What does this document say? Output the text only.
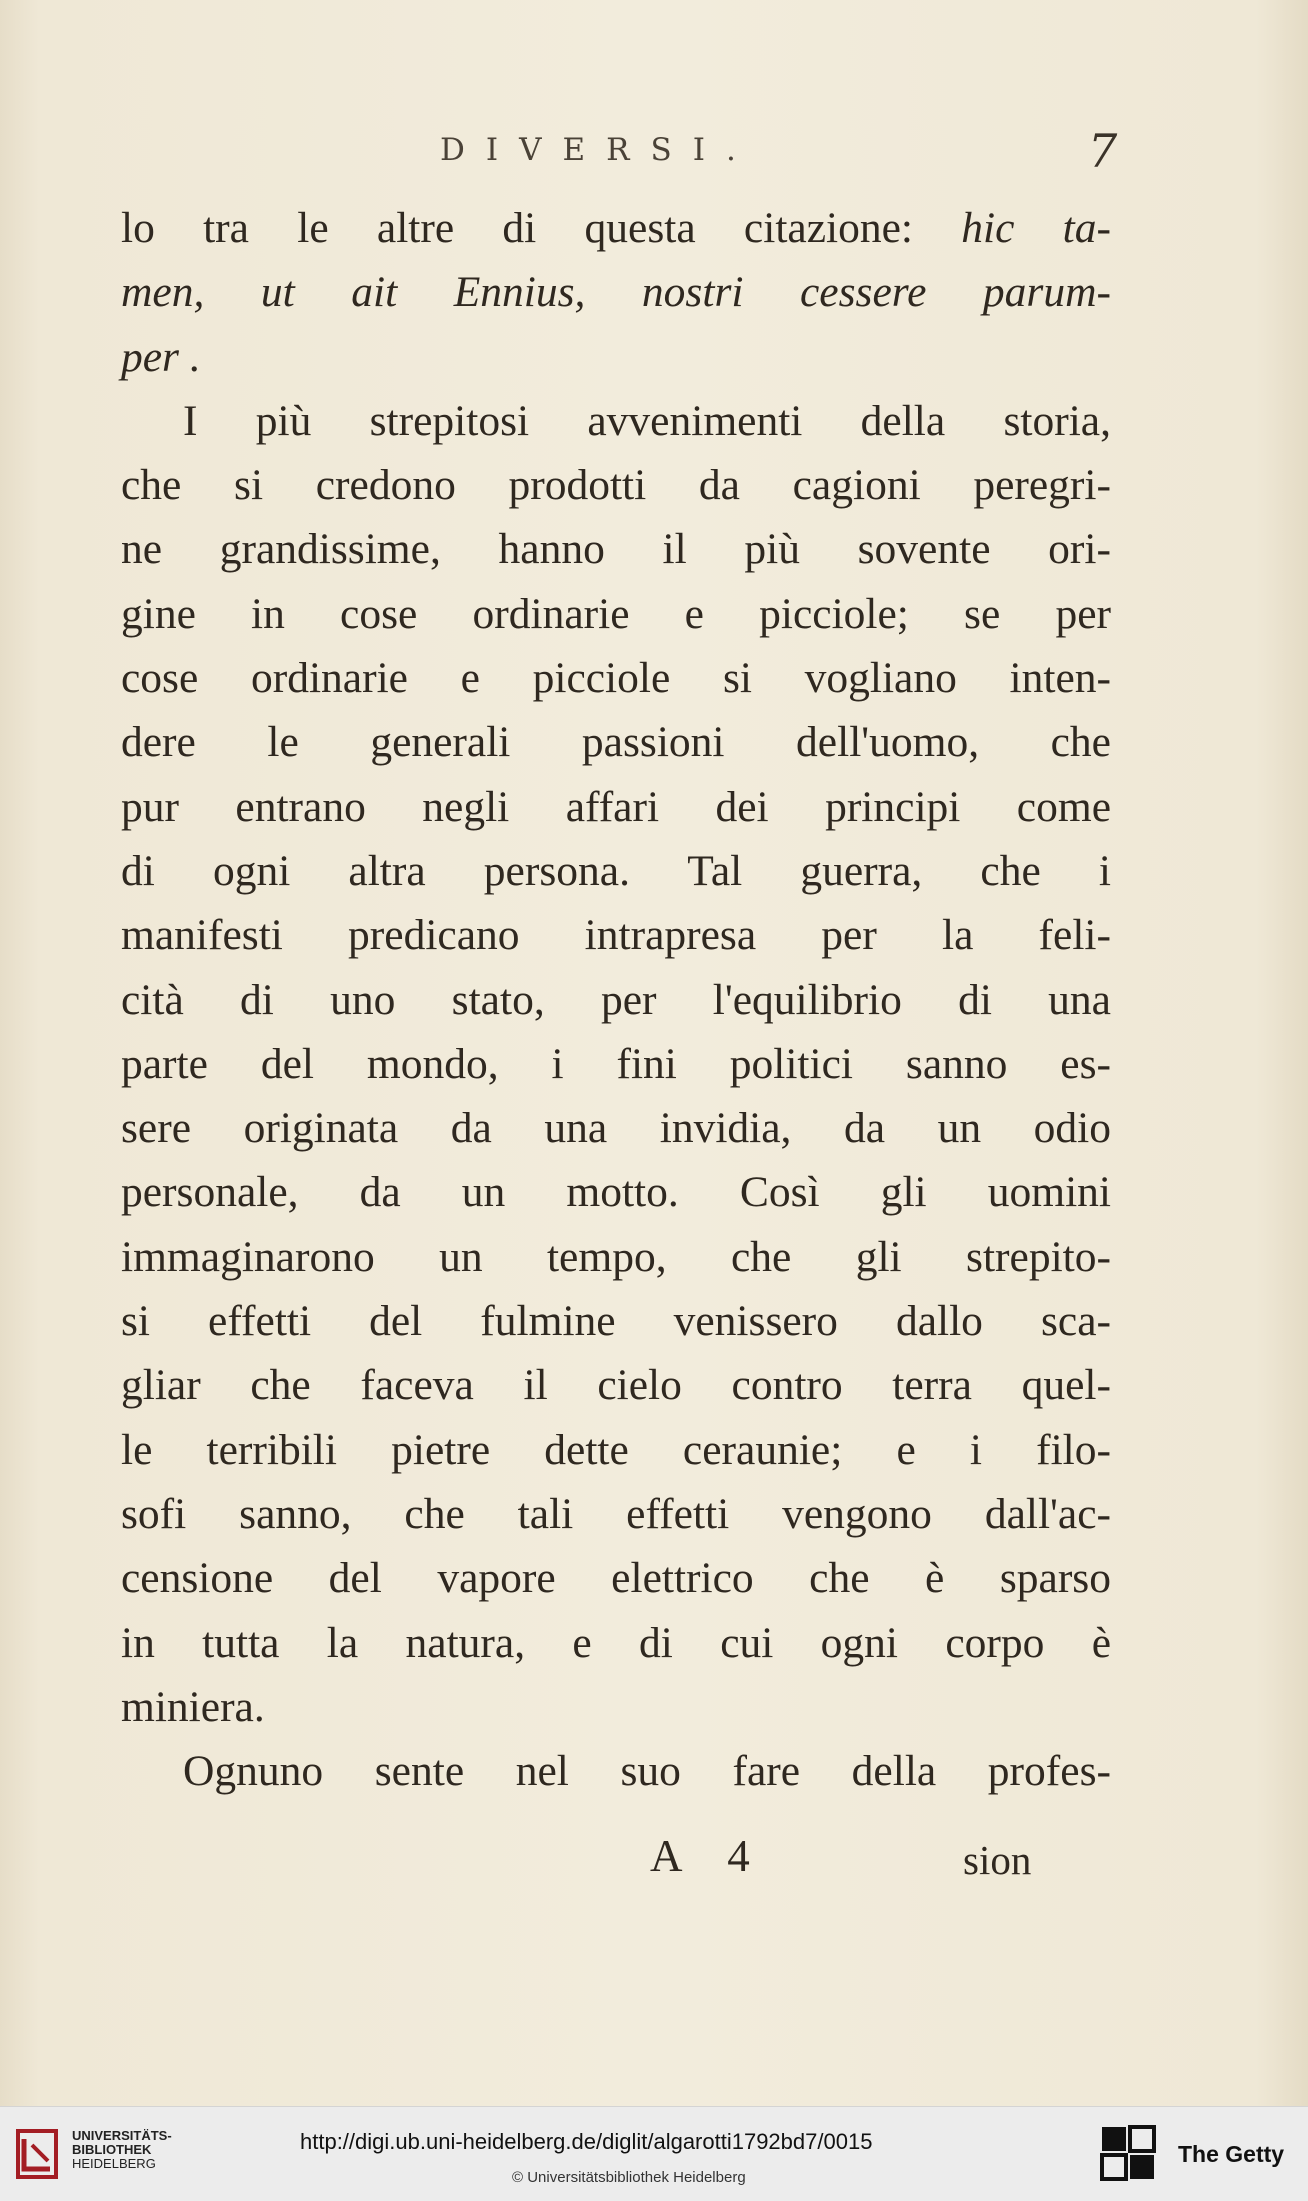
DIVERSI.	7
lo tra le altre di questa citazione: hic ta-
men, ut ait Ennius, nostri cessere parum-
per .
I più strepitosi avvenimenti della storia,
che si credono prodotti da cagioni peregri-
ne grandissime, hanno il più sovente ori-
gine in cose ordinarie e picciole; se per
cose ordinarie e picciole si vogliano inten-
dere le generali passioni dell'uomo, che
pur entrano negli affari dei principi come
di ogni altra persona. Tal guerra, che i
manifesti predicano intrapresa per la feli-
cità di uno stato, per l'equilibrio di una
parte del mondo, i fini politici sanno es-
sere originata da una invidia, da un odio
personale, da un motto. Così gli uomini
immaginarono un tempo, che gli strepito-
si effetti del fulmine venissero dallo sca-
gliar che faceva il cielo contro terra quel-
le terribili pietre dette ceraunie; e i filo-
sofi sanno, che tali effetti vengono dall'ac-
censione del vapore elettrico che è sparso
in tutta la natura, e di cui ogni corpo è
miniera.
Ognuno sente nel suo fare della profes-
A 4	sion
UNIVERSITÄTS-
BIBLIOTHEK
HEIDELBERG
http://digi.ub.uni-heidelberg.de/diglit/algarotti1792bd7/0015
© Universitätsbibliothek Heidelberg
The Getty
